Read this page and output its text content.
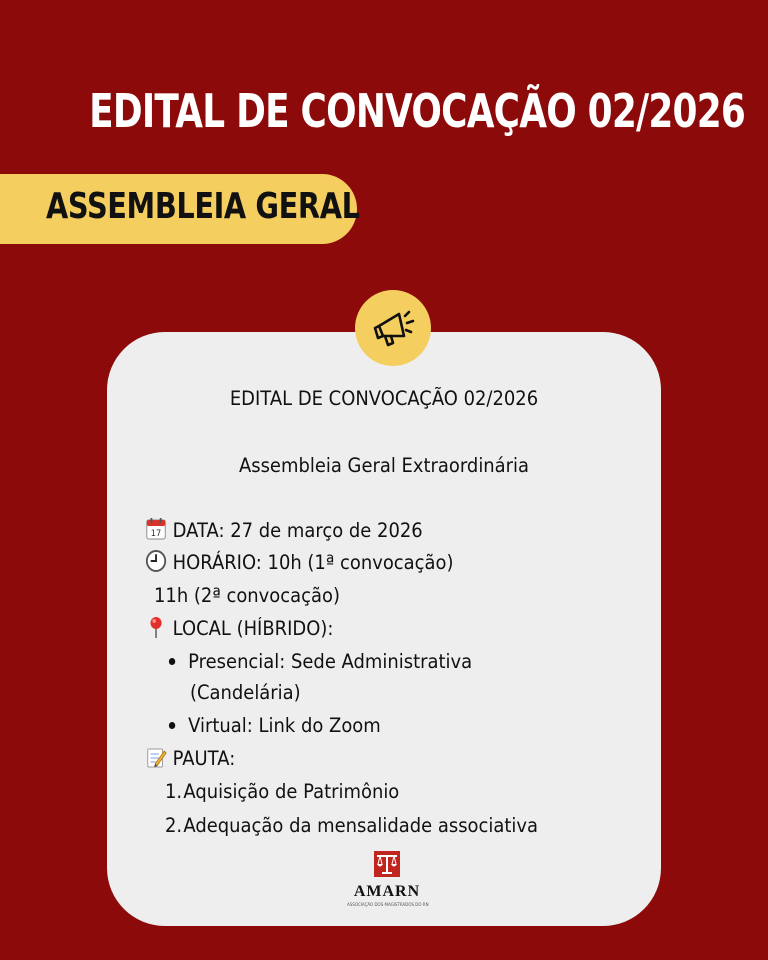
EDITAL DE CONVOCAÇÃO 02/2026
ASSEMBLEIA GERAL
EDITAL DE CONVOCAÇÃO 02/2026
Assembleia Geral Extraordinária
17 DATA: 27 de março de 2026
HORÁRIO: 10h (1ª convocação)
11h (2ª convocação)
LOCAL (HÍBRIDO):
Presencial: Sede Administrativa
(Candelária)
Virtual: Link do Zoom
PAUTA:
1. Aquisição de Patrimônio
2. Adequação da mensalidade associativa
AMARN
ASSOCIAÇÃO DOS MAGISTRADOS DO RN
